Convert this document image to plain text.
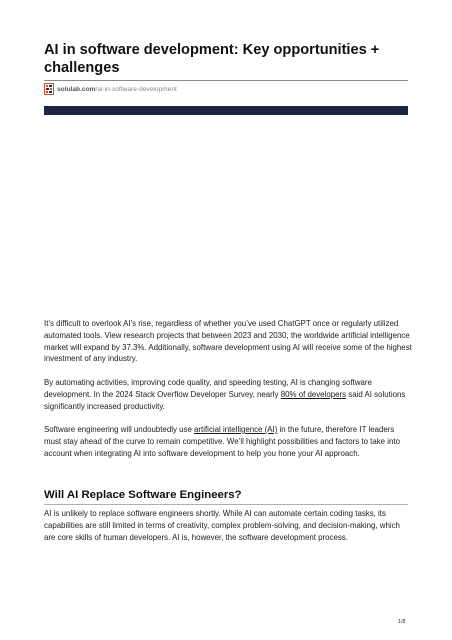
AI in software development: Key opportunities + challenges
solulab.com/ai-in-software-development

It’s difficult to overlook AI’s rise, regardless of whether you’ve used ChatGPT once or regularly utilized automated tools. View research projects that between 2023 and 2030, the worldwide artificial intelligence market will expand by 37.3%. Additionally, software development using AI will receive some of the highest investment of any industry.

By automating activities, improving code quality, and speeding testing, AI is changing software development. In the 2024 Stack Overflow Developer Survey, nearly 80% of developers said AI solutions significantly increased productivity.

Software engineering will undoubtedly use artificial intelligence (AI) in the future, therefore IT leaders must stay ahead of the curve to remain competitive. We’ll highlight possibilities and factors to take into account when integrating AI into software development to help you hone your AI approach.

Will AI Replace Software Engineers?

AI is unlikely to replace software engineers shortly. While AI can automate certain coding tasks, its capabilities are still limited in terms of creativity, complex problem-solving, and decision-making, which are core skills of human developers. AI is, however, the software development process.

1/8
